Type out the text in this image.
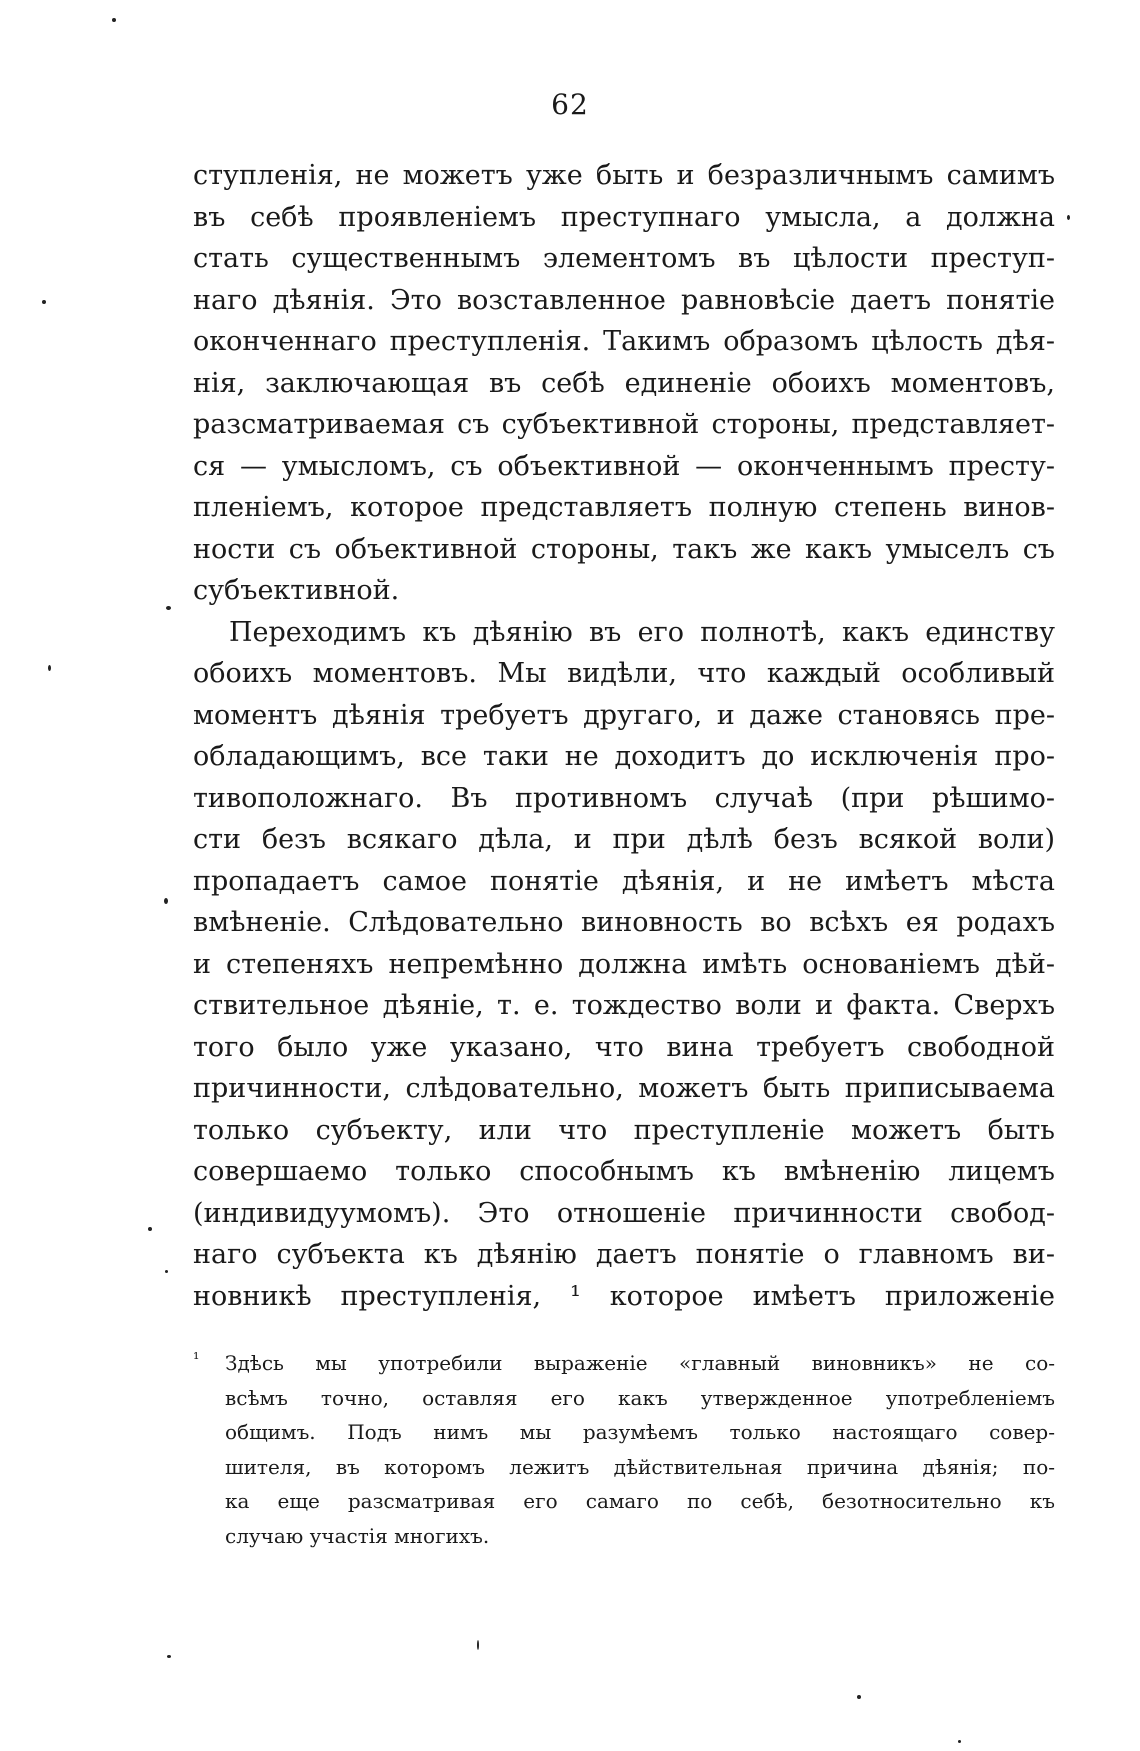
62
ступленія, не можетъ уже быть и безразличнымъ самимъ
въ себѣ проявленіемъ преступнаго умысла, а должна
стать существеннымъ элементомъ въ цѣлости преступ-
наго дѣянія. Это возставленное равновѣсіе даетъ понятіе
оконченнаго преступленія. Такимъ образомъ цѣлость дѣя-
нія, заключающая въ себѣ единеніе обоихъ моментовъ,
разсматриваемая съ субъективной стороны, представляет-
ся — умысломъ, съ объективной — оконченнымъ престу-
пленіемъ, которое представляетъ полную степень винов-
ности съ объективной стороны, такъ же какъ умыселъ съ
субъективной.
Переходимъ къ дѣянію въ его полнотѣ, какъ единству
обоихъ моментовъ. Мы видѣли, что каждый особливый
моментъ дѣянія требуетъ другаго, и даже становясь пре-
обладающимъ, все таки не доходитъ до исключенія про-
тивоположнаго. Въ противномъ случаѣ (при рѣшимо-
сти безъ всякаго дѣла, и при дѣлѣ безъ всякой воли)
пропадаетъ самое понятіе дѣянія, и не имѣетъ мѣста
вмѣненіе. Слѣдовательно виновность во всѣхъ ея родахъ
и степеняхъ непремѣнно должна имѣть основаніемъ дѣй-
ствительное дѣяніе, т. е. тождество воли и факта. Сверхъ
того было уже указано, что вина требуетъ свободной
причинности, слѣдовательно, можетъ быть приписываема
только субъекту, или что преступленіе можетъ быть
совершаемо только способнымъ къ вмѣненію лицемъ
(индивидуумомъ). Это отношеніе причинности свобод-
наго субъекта къ дѣянію даетъ понятіе о главномъ ви-
новникѣ преступленія, ¹ которое имѣетъ приложеніе
¹ Здѣсь мы употребили выраженіе «главный виновникъ» не со-
всѣмъ точно, оставляя его какъ утвержденное употребленіемъ
общимъ. Подъ нимъ мы разумѣемъ только настоящаго совер-
шителя, въ которомъ лежитъ дѣйствительная причина дѣянія; по-
ка еще разсматривая его самаго по себѣ, безотносительно къ
случаю участія многихъ.
